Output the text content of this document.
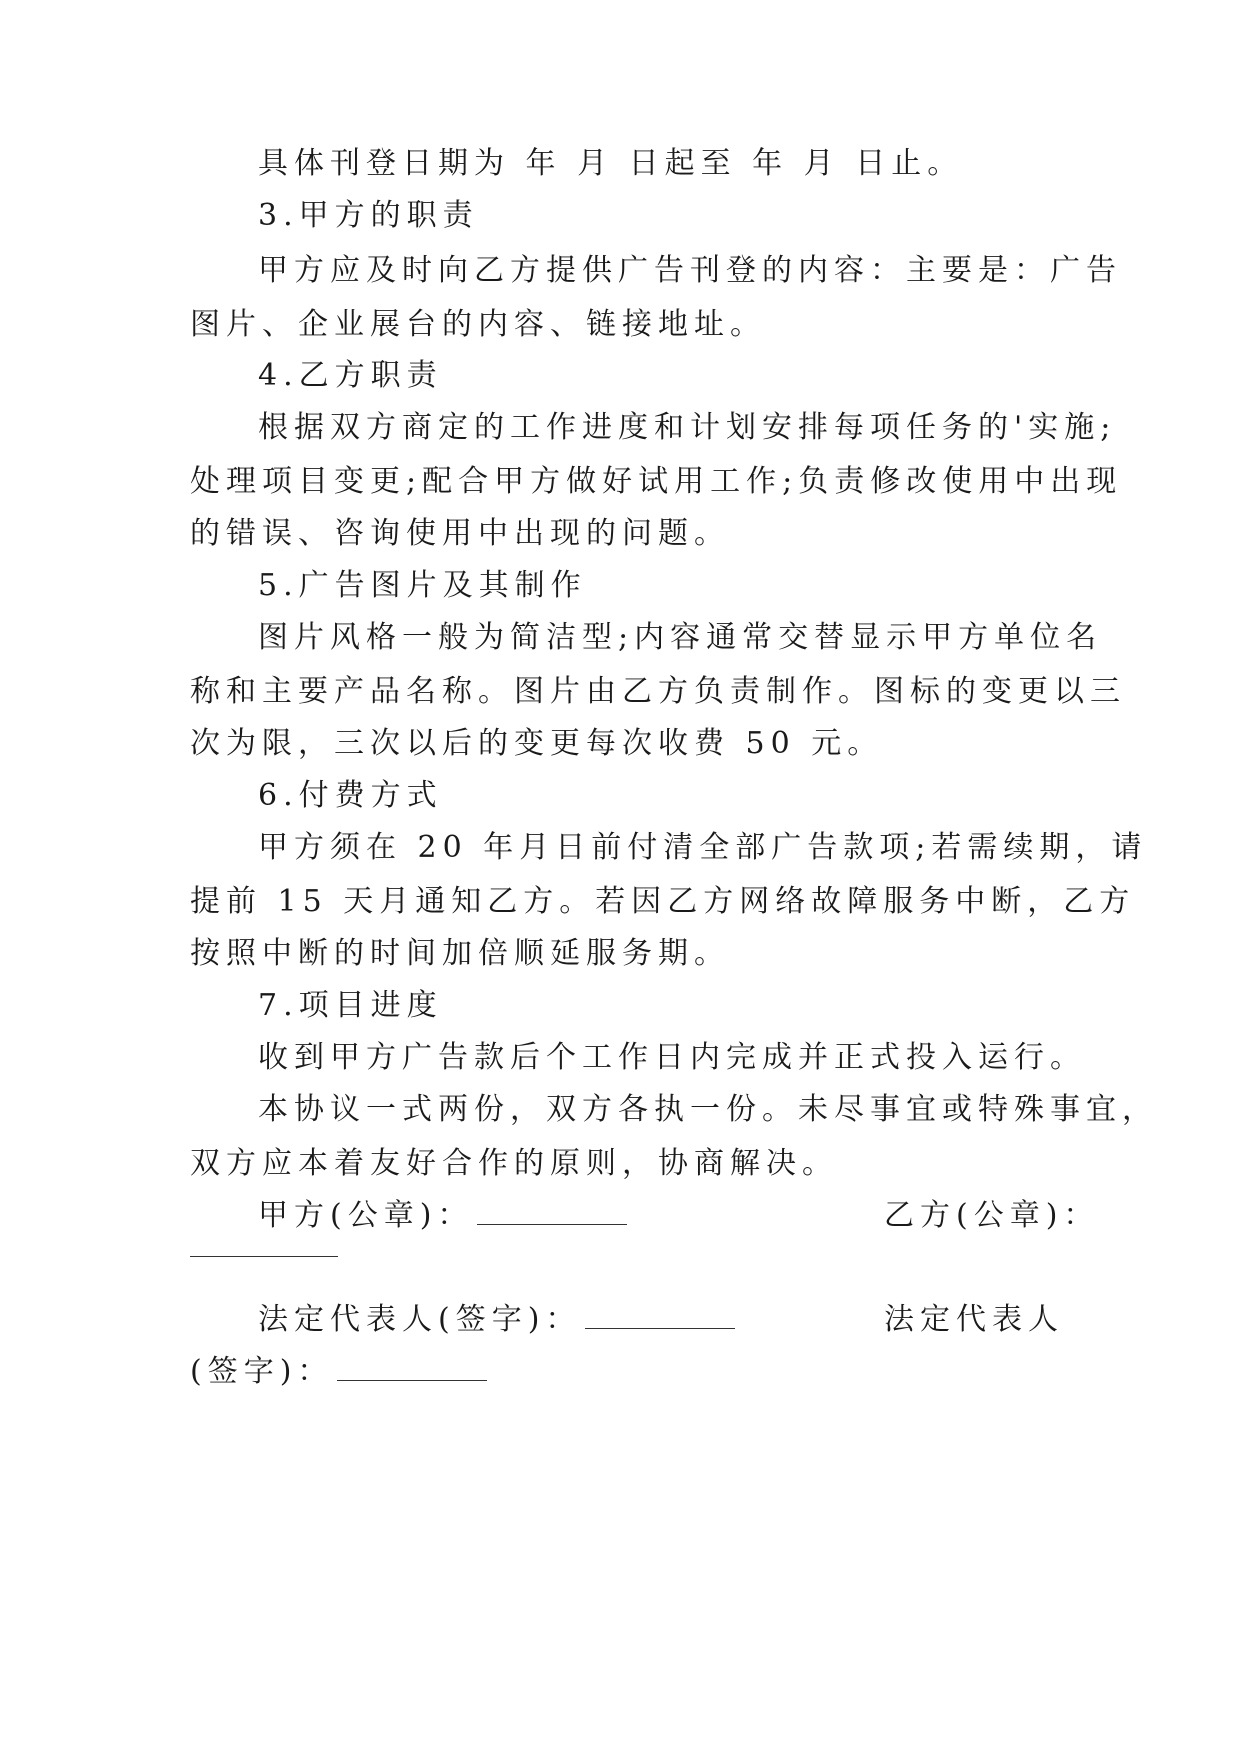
具体刊登日期为 年 月 日起至 年 月 日止。
3.甲方的职责
甲方应及时向乙方提供广告刊登的内容：主要是：广告
图片、企业展台的内容、链接地址。
4.乙方职责
根据双方商定的工作进度和计划安排每项任务的'实施;
处理项目变更;配合甲方做好试用工作;负责修改使用中出现
的错误、咨询使用中出现的问题。
5.广告图片及其制作
图片风格一般为简洁型;内容通常交替显示甲方单位名
称和主要产品名称。图片由乙方负责制作。图标的变更以三
次为限，三次以后的变更每次收费 50 元。
6.付费方式
甲方须在 20 年月日前付清全部广告款项;若需续期，请
提前 15 天月通知乙方。若因乙方网络故障服务中断，乙方
按照中断的时间加倍顺延服务期。
7.项目进度
收到甲方广告款后个工作日内完成并正式投入运行。
本协议一式两份，双方各执一份。未尽事宜或特殊事宜，
双方应本着友好合作的原则，协商解决。
甲方(公章)：	乙方(公章)：
法定代表人(签字)：	法定代表人
(签字)：
